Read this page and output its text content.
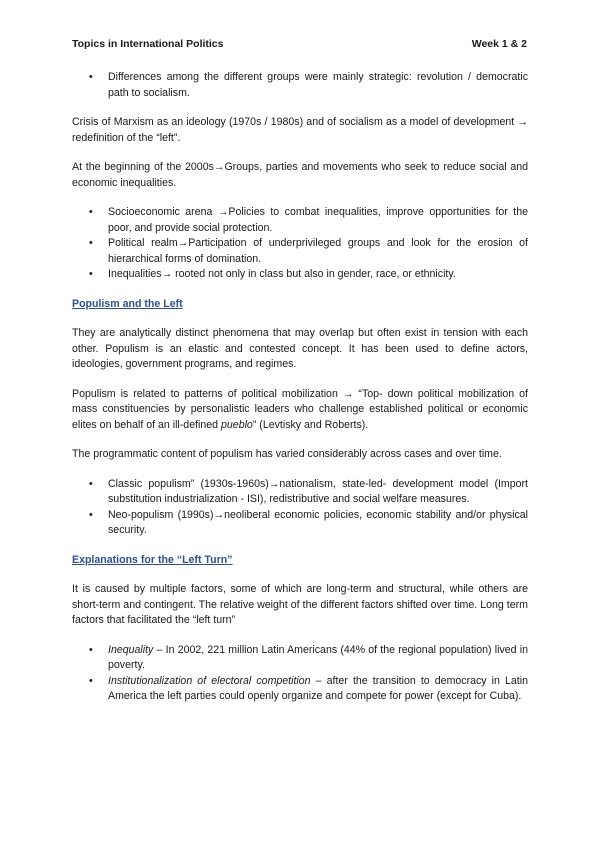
Topics in International Politics	Week 1 & 2
• Differences among the different groups were mainly strategic: revolution / democratic path to socialism.

Crisis of Marxism as an ideology (1970s / 1980s) and of socialism as a model of development → redefinition of the “left”.

At the beginning of the 2000s→Groups, parties and movements who seek to reduce social and economic inequalities.

• Socioeconomic arena →Policies to combat inequalities, improve opportunities for the poor, and provide social protection.
• Political realm→Participation of underprivileged groups and look for the erosion of hierarchical forms of domination.
• Inequalities→ rooted not only in class but also in gender, race, or ethnicity.
Populism and the Left

They are analytically distinct phenomena that may overlap but often exist in tension with each other. Populism is an elastic and contested concept. It has been used to define actors, ideologies, government programs, and regimes.

Populism is related to patterns of political mobilization → “Top- down political mobilization of mass constituencies by personalistic leaders who challenge established political or economic elites on behalf of an ill-defined pueblo” (Levtisky and Roberts).

The programmatic content of populism has varied considerably across cases and over time.

• Classic populism” (1930s-1960s)→nationalism, state-led- development model (Import substitution industrialization - ISI), redistributive and social welfare measures.
• Neo-populism (1990s)→neoliberal economic policies, economic stability and/or physical security.
Explanations for the “Left Turn”

It is caused by multiple factors, some of which are long-term and structural, while others are short-term and contingent. The relative weight of the different factors shifted over time. Long term factors that facilitated the “left turn”

• Inequality – In 2002, 221 million Latin Americans (44% of the regional population) lived in poverty.
• Institutionalization of electoral competition – after the transition to democracy in Latin America the left parties could openly organize and compete for power (except for Cuba).
